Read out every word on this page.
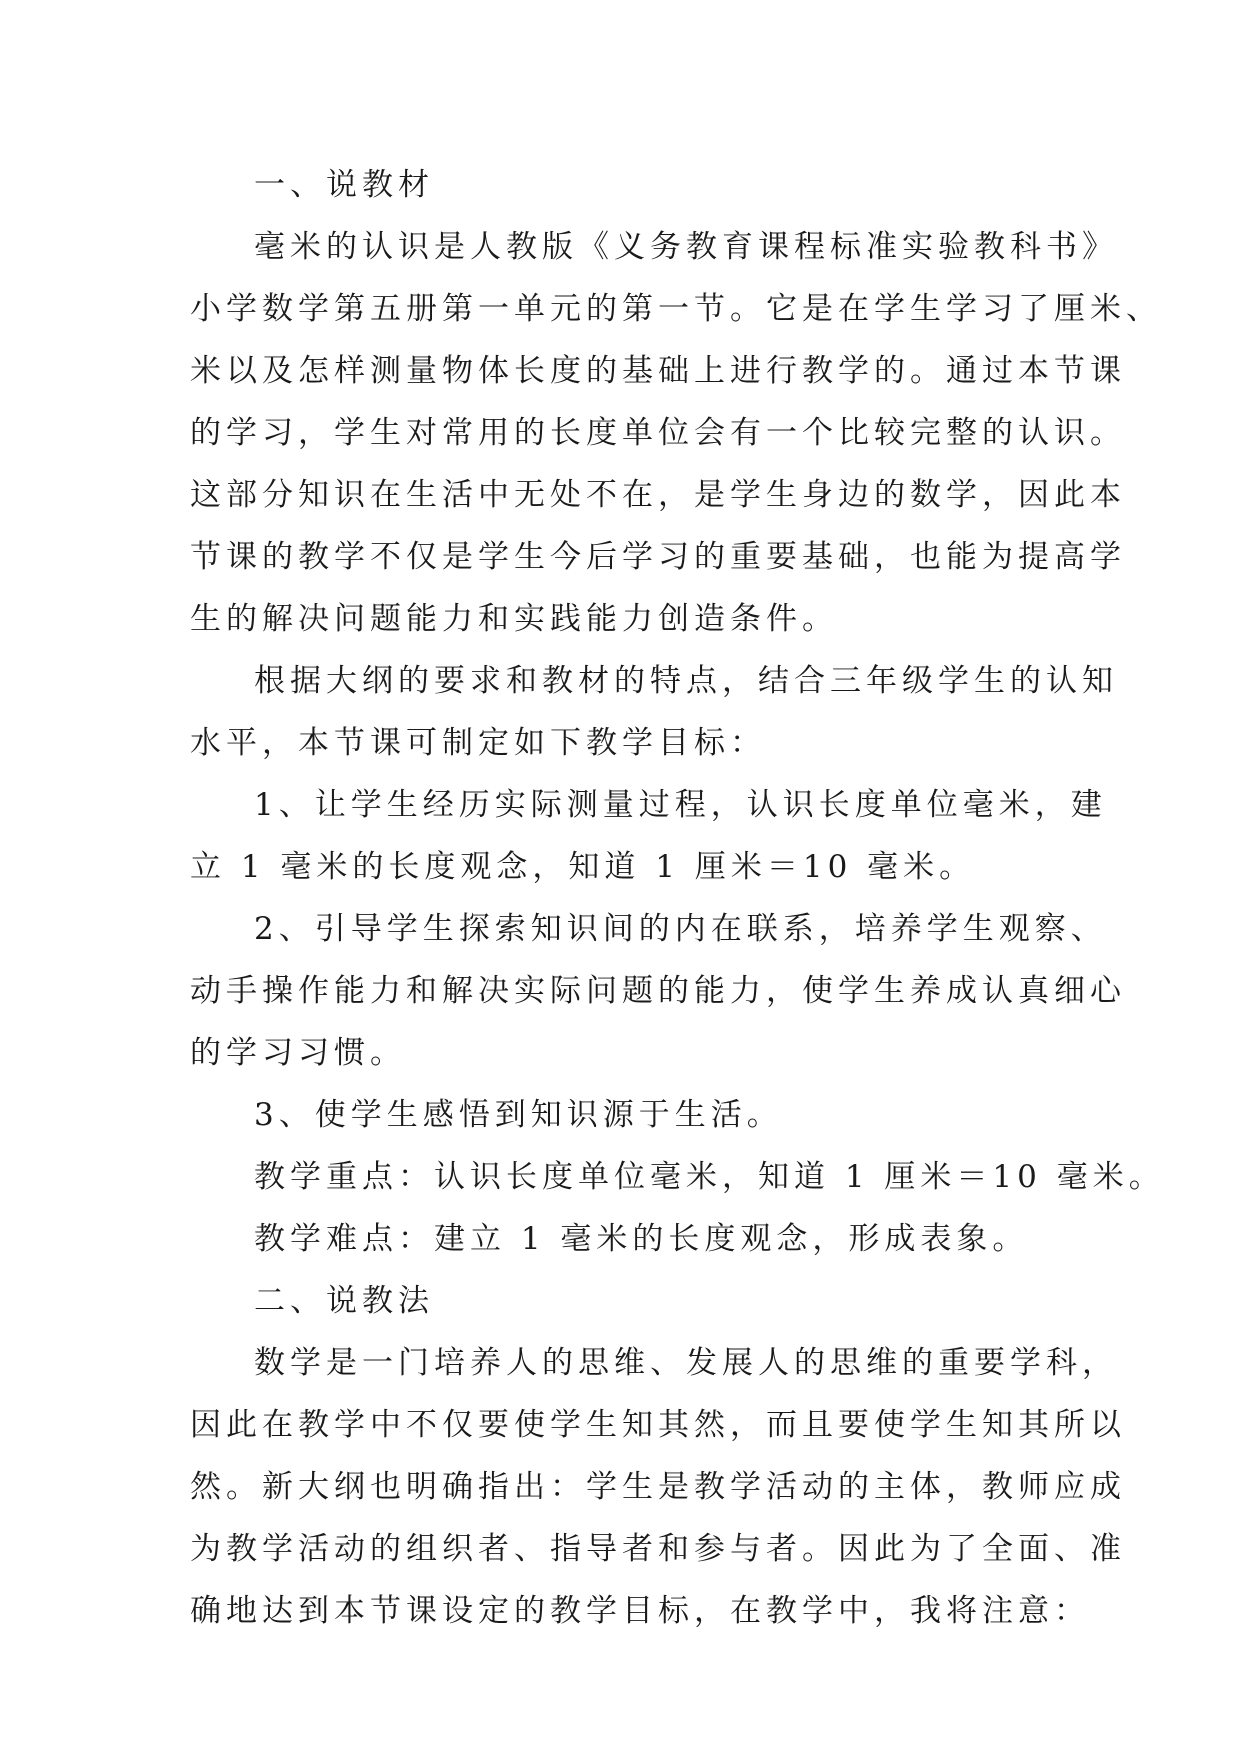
一、说教材

毫米的认识是人教版《义务教育课程标准实验教科书》

小学数学第五册第一单元的第一节。它是在学生学习了厘米、

米以及怎样测量物体长度的基础上进行教学的。通过本节课

的学习，学生对常用的长度单位会有一个比较完整的认识。

这部分知识在生活中无处不在，是学生身边的数学，因此本

节课的教学不仅是学生今后学习的重要基础，也能为提高学

生的解决问题能力和实践能力创造条件。

根据大纲的要求和教材的特点，结合三年级学生的认知

水平，本节课可制定如下教学目标：

1、让学生经历实际测量过程，认识长度单位毫米，建

立 1 毫米的长度观念，知道 1 厘米＝10 毫米。

2、引导学生探索知识间的内在联系，培养学生观察、

动手操作能力和解决实际问题的能力，使学生养成认真细心

的学习习惯。

3、使学生感悟到知识源于生活。

教学重点：认识长度单位毫米，知道 1 厘米＝10 毫米。

教学难点：建立 1 毫米的长度观念，形成表象。

二、说教法

数学是一门培养人的思维、发展人的思维的重要学科，

因此在教学中不仅要使学生知其然，而且要使学生知其所以

然。新大纲也明确指出：学生是教学活动的主体，教师应成

为教学活动的组织者、指导者和参与者。因此为了全面、准

确地达到本节课设定的教学目标，在教学中，我将注意：
